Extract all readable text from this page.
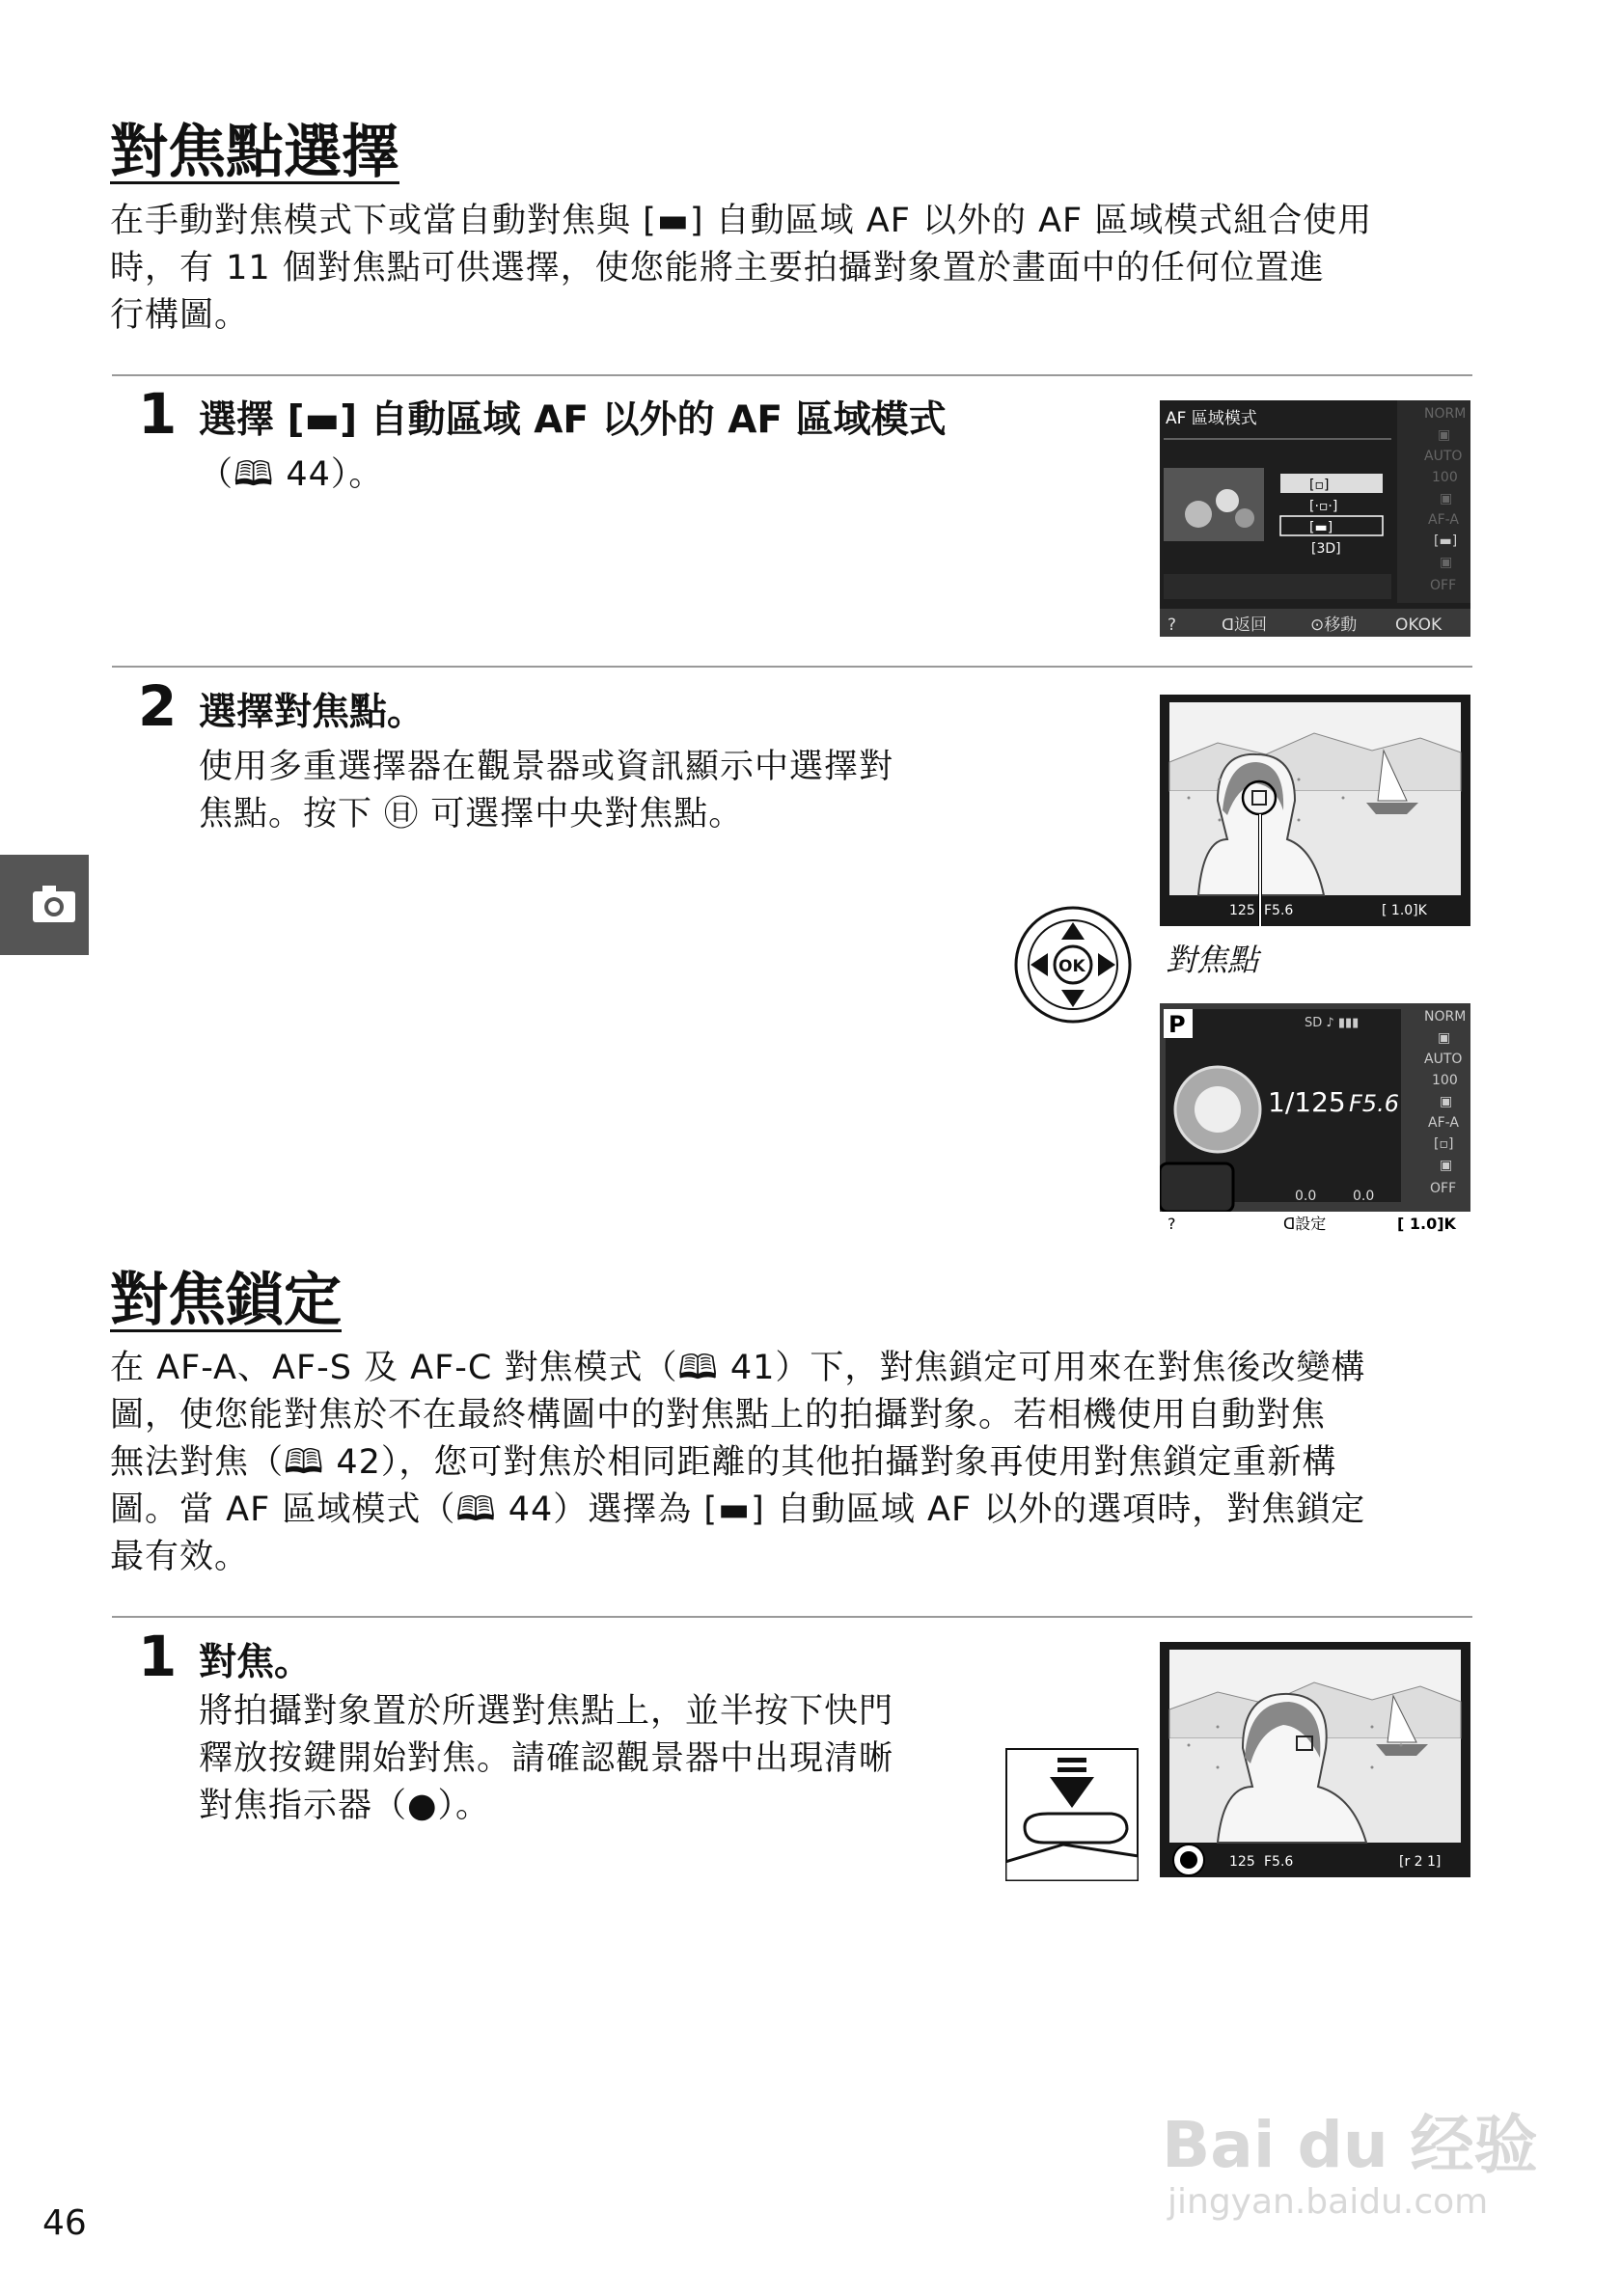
對焦點選擇
在手動對焦模式下或當自動對焦與 [▬] 自動區域 AF 以外的 AF 區域模式組合使用
時，有 11 個對焦點可供選擇，使您能將主要拍攝對象置於畫面中的任何位置進
行構圖。
1 選擇 [▬] 自動區域 AF 以外的 AF 區域模式
（🕮 44）。
AF 區域模式
[▫]
[·▫·]
[▬]
[3D]
NORM
▣
AUTO
100
▣
AF-A
[▬]
▣
OFF
?	ᗡ返回	⊙移動 OKOK
2 選擇對焦點。
使用多重選擇器在觀景器或資訊顯示中選擇對
焦點。按下 ㊐ 可選擇中央對焦點。
125 F5.6	[ 1.0]K
對焦點
OK
P	SD ♪ ▮▮▮
1/125 F5.6
0.0	0.0
NORM
▣
AUTO
100
▣
AF-A
[▫]
▣
OFF
?	ᗡ設定	[ 1.0]K
對焦鎖定
在 AF-A、AF-S 及 AF-C 對焦模式（🕮 41）下，對焦鎖定可用來在對焦後改變構
圖，使您能對焦於不在最終構圖中的對焦點上的拍攝對象。若相機使用自動對焦
無法對焦（🕮 42），您可對焦於相同距離的其他拍攝對象再使用對焦鎖定重新構
圖。當 AF 區域模式（🕮 44）選擇為 [▬] 自動區域 AF 以外的選項時，對焦鎖定
最有效。
1 對焦。
將拍攝對象置於所選對焦點上，並半按下快門
釋放按鍵開始對焦。請確認觀景器中出現清晰
對焦指示器（●）。
125 F5.6	[r 2 1]
46
Bai du 经验
jingyan.baidu.com
